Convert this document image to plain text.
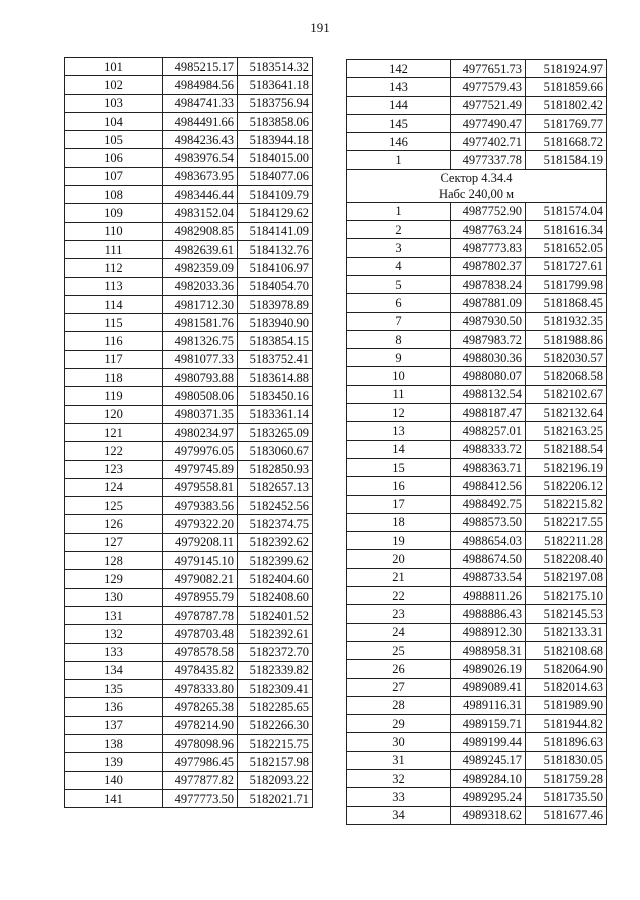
191
101	4985215.17	5183514.32
102	4984984.56	5183641.18
103	4984741.33	5183756.94
104	4984491.66	5183858.06
105	4984236.43	5183944.18
106	4983976.54	5184015.00
107	4983673.95	5184077.06
108	4983446.44	5184109.79
109	4983152.04	5184129.62
110	4982908.85	5184141.09
111	4982639.61	5184132.76
112	4982359.09	5184106.97
113	4982033.36	5184054.70
114	4981712.30	5183978.89
115	4981581.76	5183940.90
116	4981326.75	5183854.15
117	4981077.33	5183752.41
118	4980793.88	5183614.88
119	4980508.06	5183450.16
120	4980371.35	5183361.14
121	4980234.97	5183265.09
122	4979976.05	5183060.67
123	4979745.89	5182850.93
124	4979558.81	5182657.13
125	4979383.56	5182452.56
126	4979322.20	5182374.75
127	4979208.11	5182392.62
128	4979145.10	5182399.62
129	4979082.21	5182404.60
130	4978955.79	5182408.60
131	4978787.78	5182401.52
132	4978703.48	5182392.61
133	4978578.58	5182372.70
134	4978435.82	5182339.82
135	4978333.80	5182309.41
136	4978265.38	5182285.65
137	4978214.90	5182266.30
138	4978098.96	5182215.75
139	4977986.45	5182157.98
140	4977877.82	5182093.22
141	4977773.50	5182021.71
142	4977651.73	5181924.97
143	4977579.43	5181859.66
144	4977521.49	5181802.42
145	4977490.47	5181769.77
146	4977402.71	5181668.72
1	4977337.78	5181584.19

Сектор 4.34.4
Набс 240,00 м		

1	4987752.90	5181574.04
2	4987763.24	5181616.34
3	4987773.83	5181652.05
4	4987802.37	5181727.61
5	4987838.24	5181799.98
6	4987881.09	5181868.45
7	4987930.50	5181932.35
8	4987983.72	5181988.86
9	4988030.36	5182030.57
10	4988080.07	5182068.58
11	4988132.54	5182102.67
12	4988187.47	5182132.64
13	4988257.01	5182163.25
14	4988333.72	5182188.54
15	4988363.71	5182196.19
16	4988412.56	5182206.12
17	4988492.75	5182215.82
18	4988573.50	5182217.55
19	4988654.03	5182211.28
20	4988674.50	5182208.40
21	4988733.54	5182197.08
22	4988811.26	5182175.10
23	4988886.43	5182145.53
24	4988912.30	5182133.31
25	4988958.31	5182108.68
26	4989026.19	5182064.90
27	4989089.41	5182014.63
28	4989116.31	5181989.90
29	4989159.71	5181944.82
30	4989199.44	5181896.63
31	4989245.17	5181830.05
32	4989284.10	5181759.28
33	4989295.24	5181735.50
34	4989318.62	5181677.46
